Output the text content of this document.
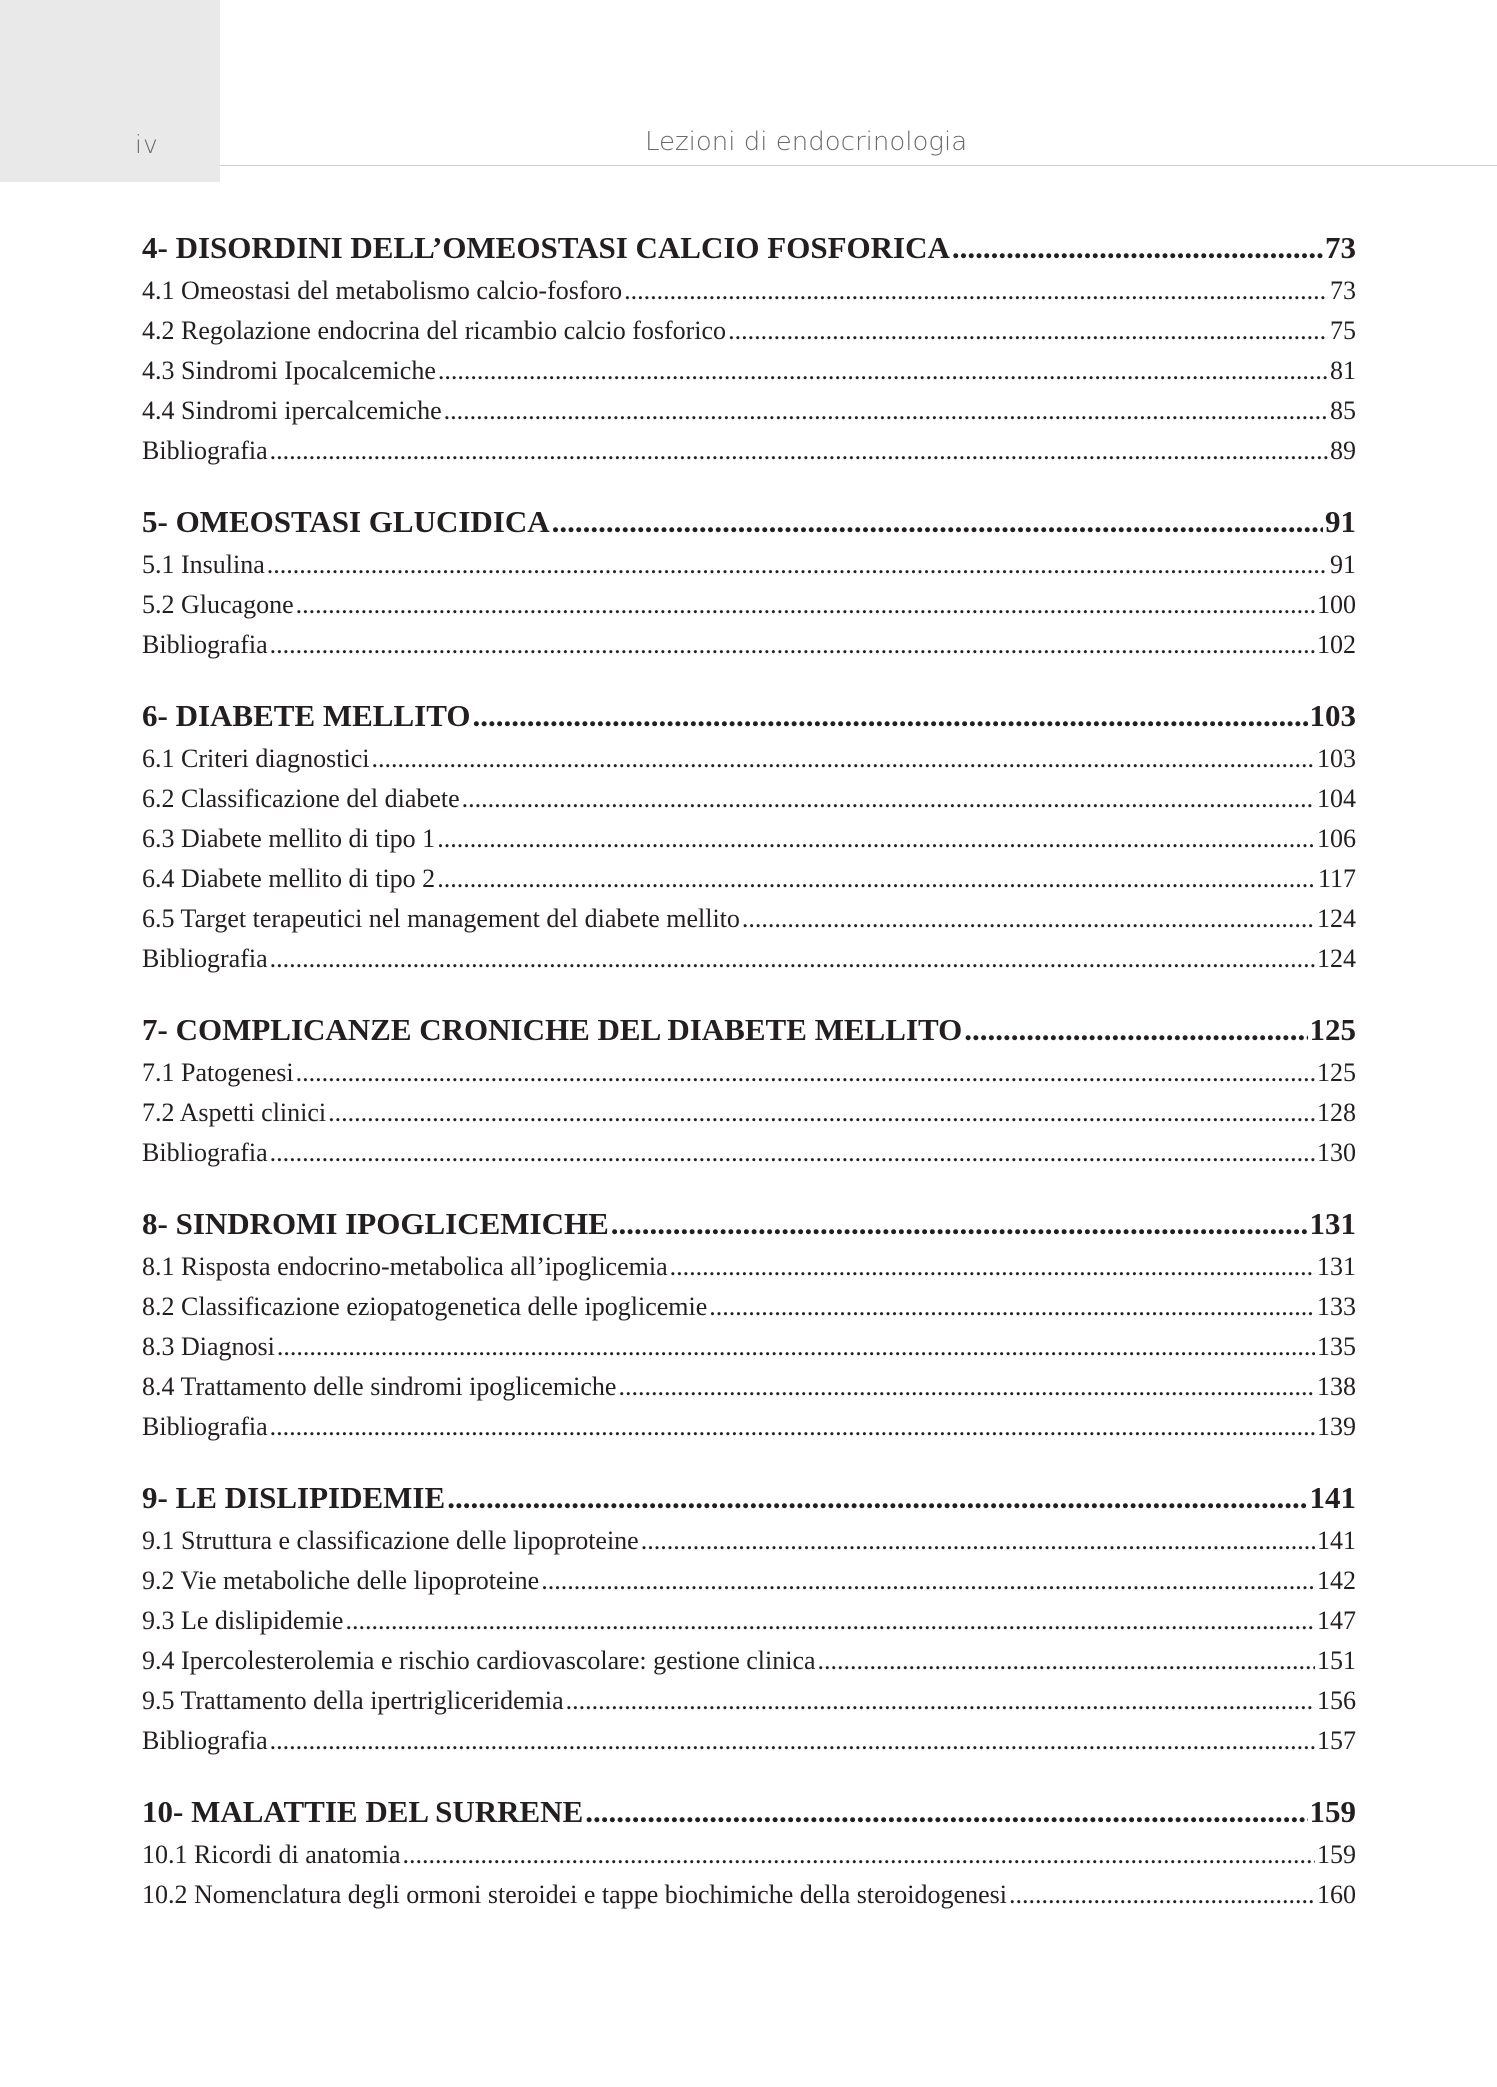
iv	Lezioni di endocrinologia
4- DISORDINI DELL’OMEOSTASI CALCIO FOSFORICA .....	73
4.1 Omeostasi del metabolismo calcio-fosforo .....	73
4.2 Regolazione endocrina del ricambio calcio fosforico .....	75
4.3 Sindromi Ipocalcemiche .....	81
4.4 Sindromi ipercalcemiche .....	85
Bibliografia .....	89
5- OMEOSTASI GLUCIDICA .....	91
5.1 Insulina .....	91
5.2 Glucagone .....	100
Bibliografia .....	102
6- DIABETE MELLITO .....	103
6.1 Criteri diagnostici .....	103
6.2 Classificazione del diabete .....	104
6.3 Diabete mellito di tipo 1 .....	106
6.4 Diabete mellito di tipo 2 .....	117
6.5 Target terapeutici nel management del diabete mellito .....	124
Bibliografia .....	124
7- COMPLICANZE CRONICHE DEL DIABETE MELLITO .....	125
7.1 Patogenesi .....	125
7.2 Aspetti clinici .....	128
Bibliografia .....	130
8- SINDROMI IPOGLICEMICHE .....	131
8.1 Risposta endocrino-metabolica all’ipoglicemia .....	131
8.2 Classificazione eziopatogenetica delle ipoglicemie .....	133
8.3 Diagnosi .....	135
8.4 Trattamento delle sindromi ipoglicemiche .....	138
Bibliografia .....	139
9- LE DISLIPIDEMIE .....	141
9.1 Struttura e classificazione delle lipoproteine .....	141
9.2 Vie metaboliche delle lipoproteine .....	142
9.3 Le dislipidemie .....	147
9.4 Ipercolesterolemia e rischio cardiovascolare: gestione clinica .....	151
9.5 Trattamento della ipertrigliceridemia .....	156
Bibliografia .....	157
10- MALATTIE DEL SURRENE .....	159
10.1 Ricordi di anatomia .....	159
10.2 Nomenclatura degli ormoni steroidei e tappe biochimiche della steroidogenesi .....	160
